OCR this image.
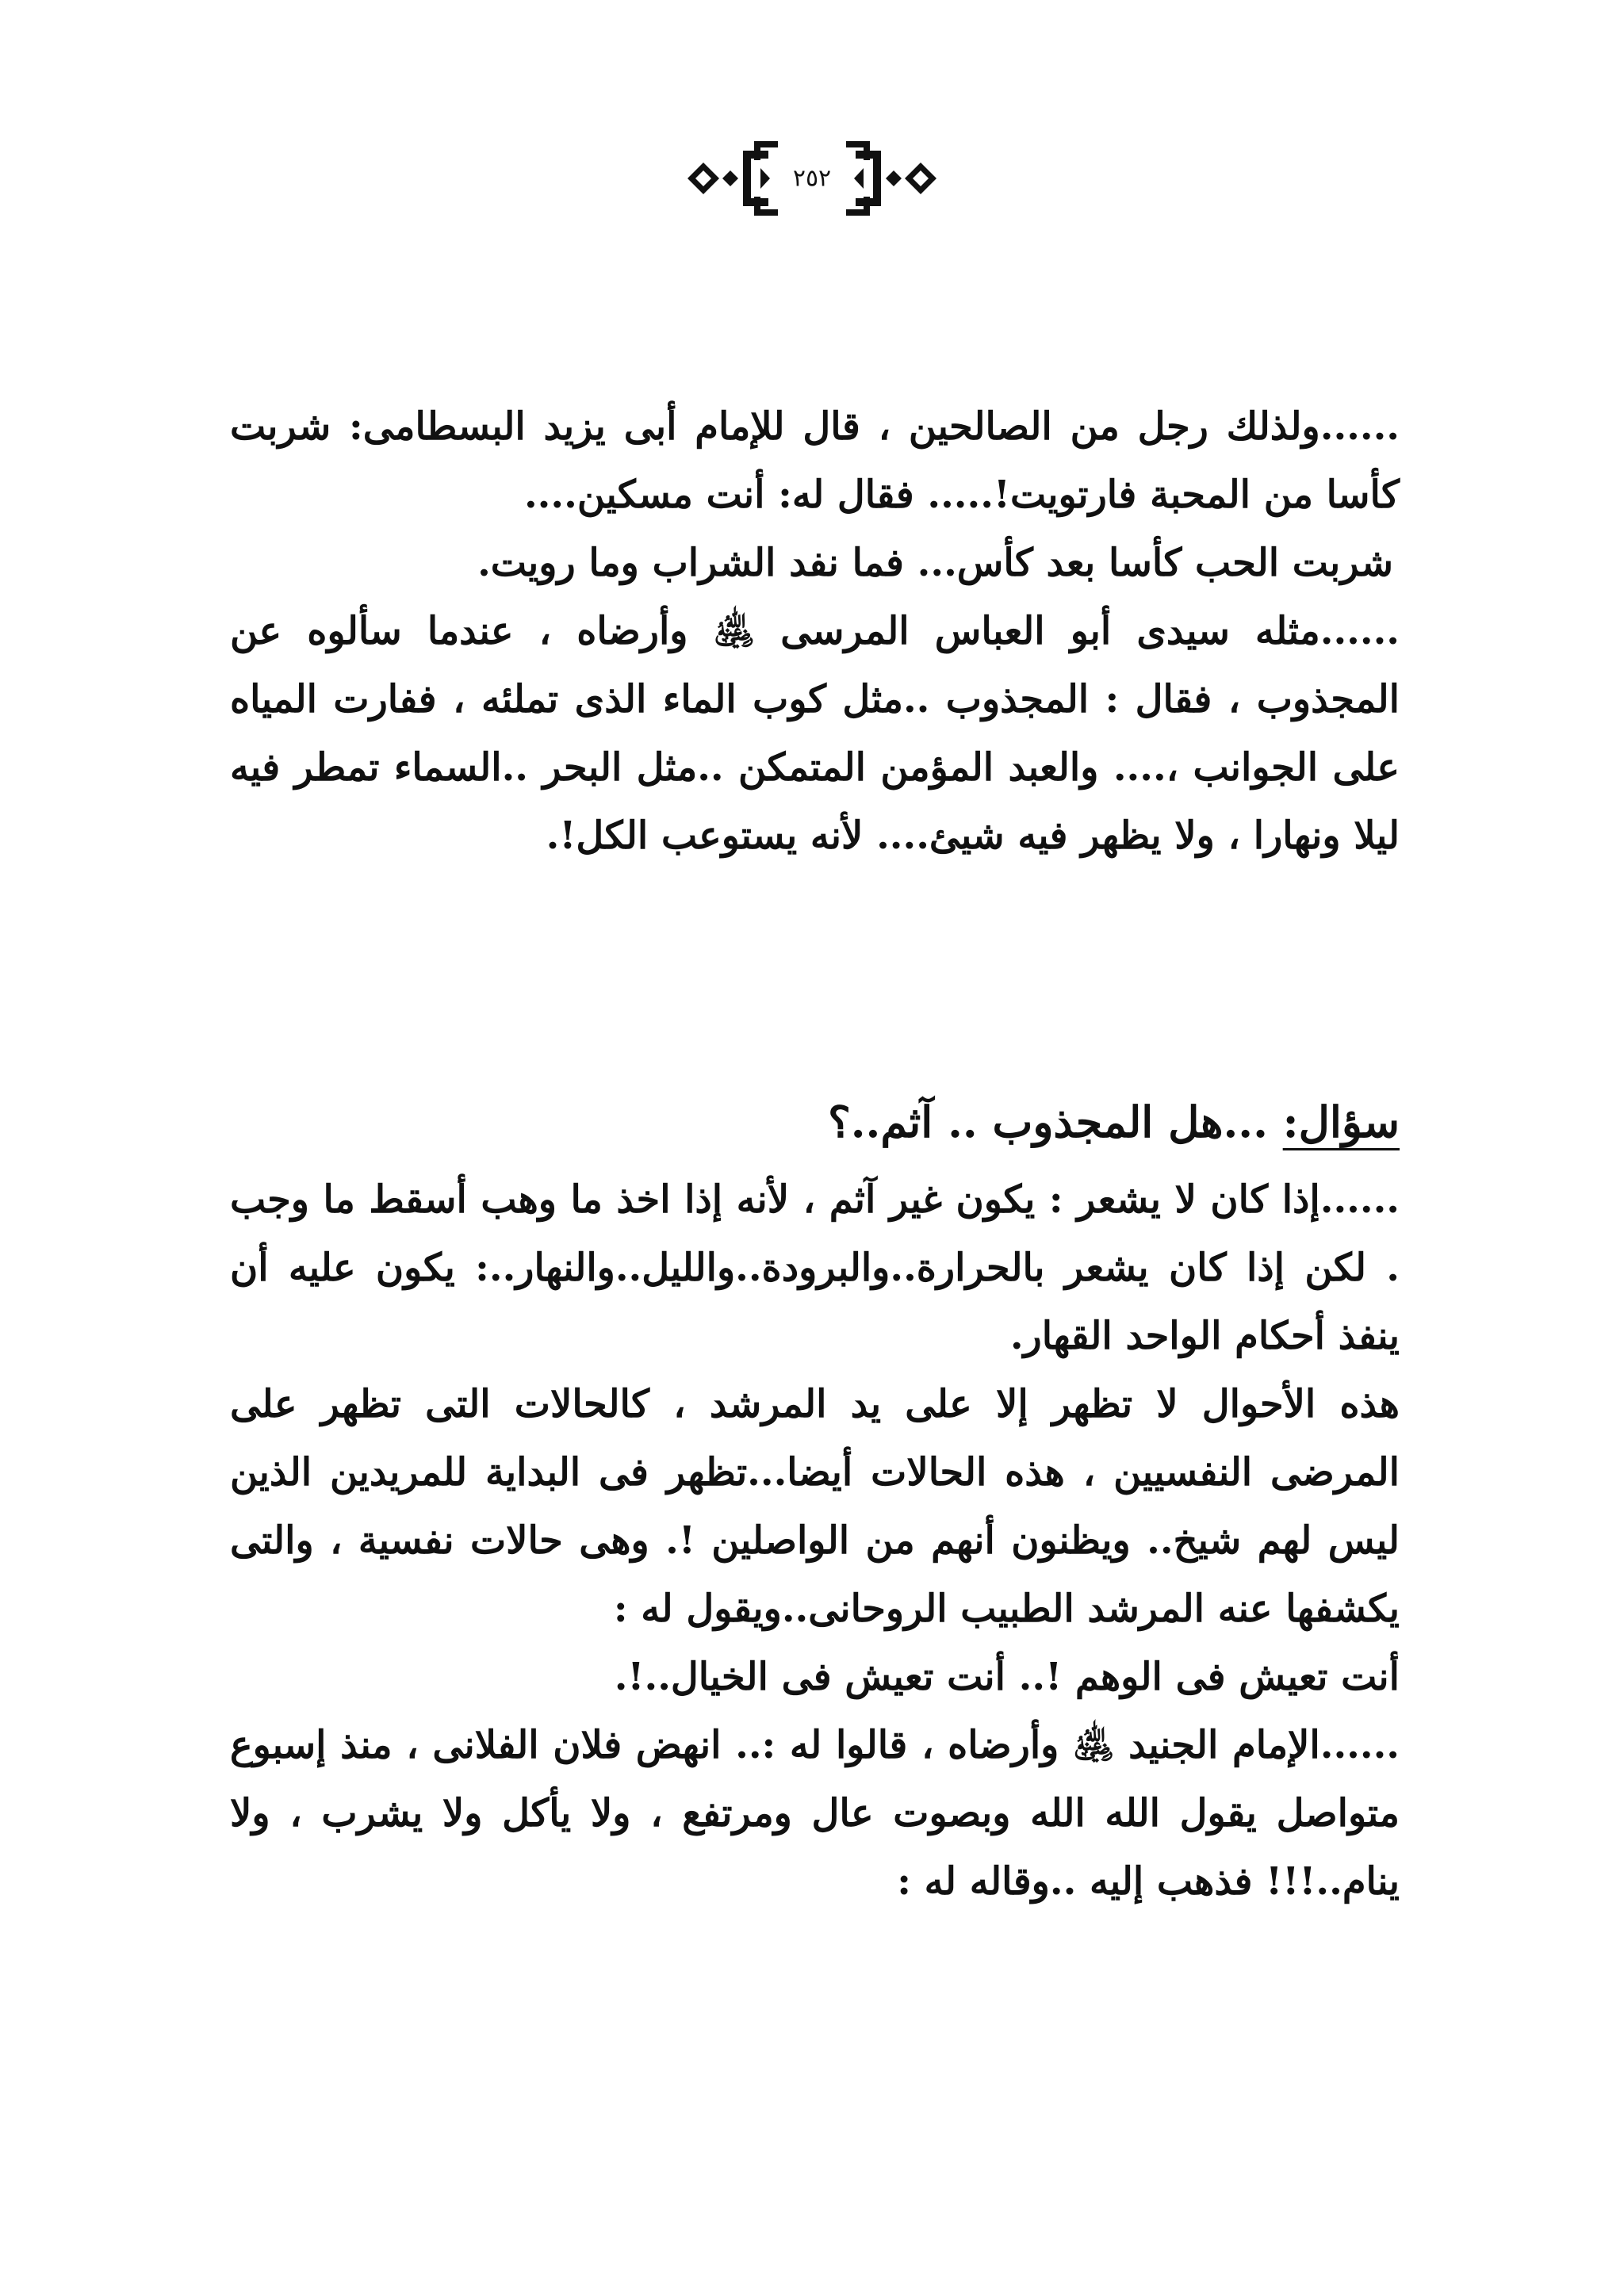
٢٥٢

......ولذلك رجل من الصالحين ، قال للإمام أبى يزيد البسطامى: شربت كأسا من المحبة فارتويت!..... فقال له: أنت مسكين....

شربت الحب كأسا بعد كأس... فما نفد الشراب وما رويت.

......مثله سيدى أبو العباس المرسى ﵁ وأرضاه ، عندما سألوه عن المجذوب ، فقال : المجذوب ..مثل كوب الماء الذى تملئه ، ففارت المياه على الجوانب ،.... والعبد المؤمن المتمكن ..مثل البحر ..السماء تمطر فيه ليلا ونهارا ، ولا يظهر فيه شيئ.... لأنه يستوعب الكل!.

سؤال: ...هل المجذوب .. آثم..؟

......إذا كان لا يشعر : يكون غير آثم ، لأنه إذا اخذ ما وهب أسقط ما وجب . لكن إذا كان يشعر بالحرارة..والبرودة..والليل..والنهار..: يكون عليه أن ينفذ أحكام الواحد القهار.

هذه الأحوال لا تظهر إلا على يد المرشد ، كالحالات التى تظهر على المرضى النفسيين ، هذه الحالات أيضا...تظهر فى البداية للمريدين الذين ليس لهم شيخ.. ويظنون أنهم من الواصلين !. وهى حالات نفسية ، والتى يكشفها عنه المرشد الطبيب الروحانى..ويقول له :

أنت تعيش فى الوهم !.. أنت تعيش فى الخيال..!.

......الإمام الجنيد ﵁ وأرضاه ، قالوا له :.. انهض فلان الفلانى ، منذ إسبوع متواصل يقول الله الله وبصوت عال ومرتفع ، ولا يأكل ولا يشرب ، ولا ينام..!!! فذهب إليه ..وقاله له :
